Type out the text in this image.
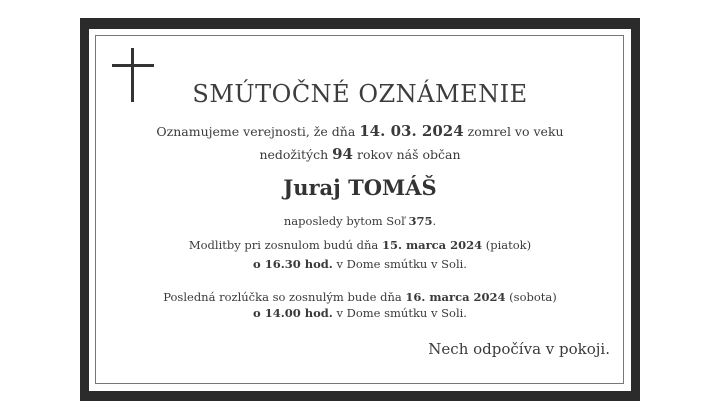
SMÚTOČNÉ OZNÁMENIE
Oznamujeme verejnosti, že dňa 14. 03. 2024 zomrel vo veku
nedožitých 94 rokov náš občan
Juraj TOMÁŠ
naposledy bytom Soľ 375.
Modlitby pri zosnulom budú dňa 15. marca 2024 (piatok)
o 16.30 hod. v Dome smútku v Soli.
Posledná rozlúčka so zosnulým bude dňa 16. marca 2024 (sobota)
o 14.00 hod. v Dome smútku v Soli.
Nech odpočíva v pokoji.
